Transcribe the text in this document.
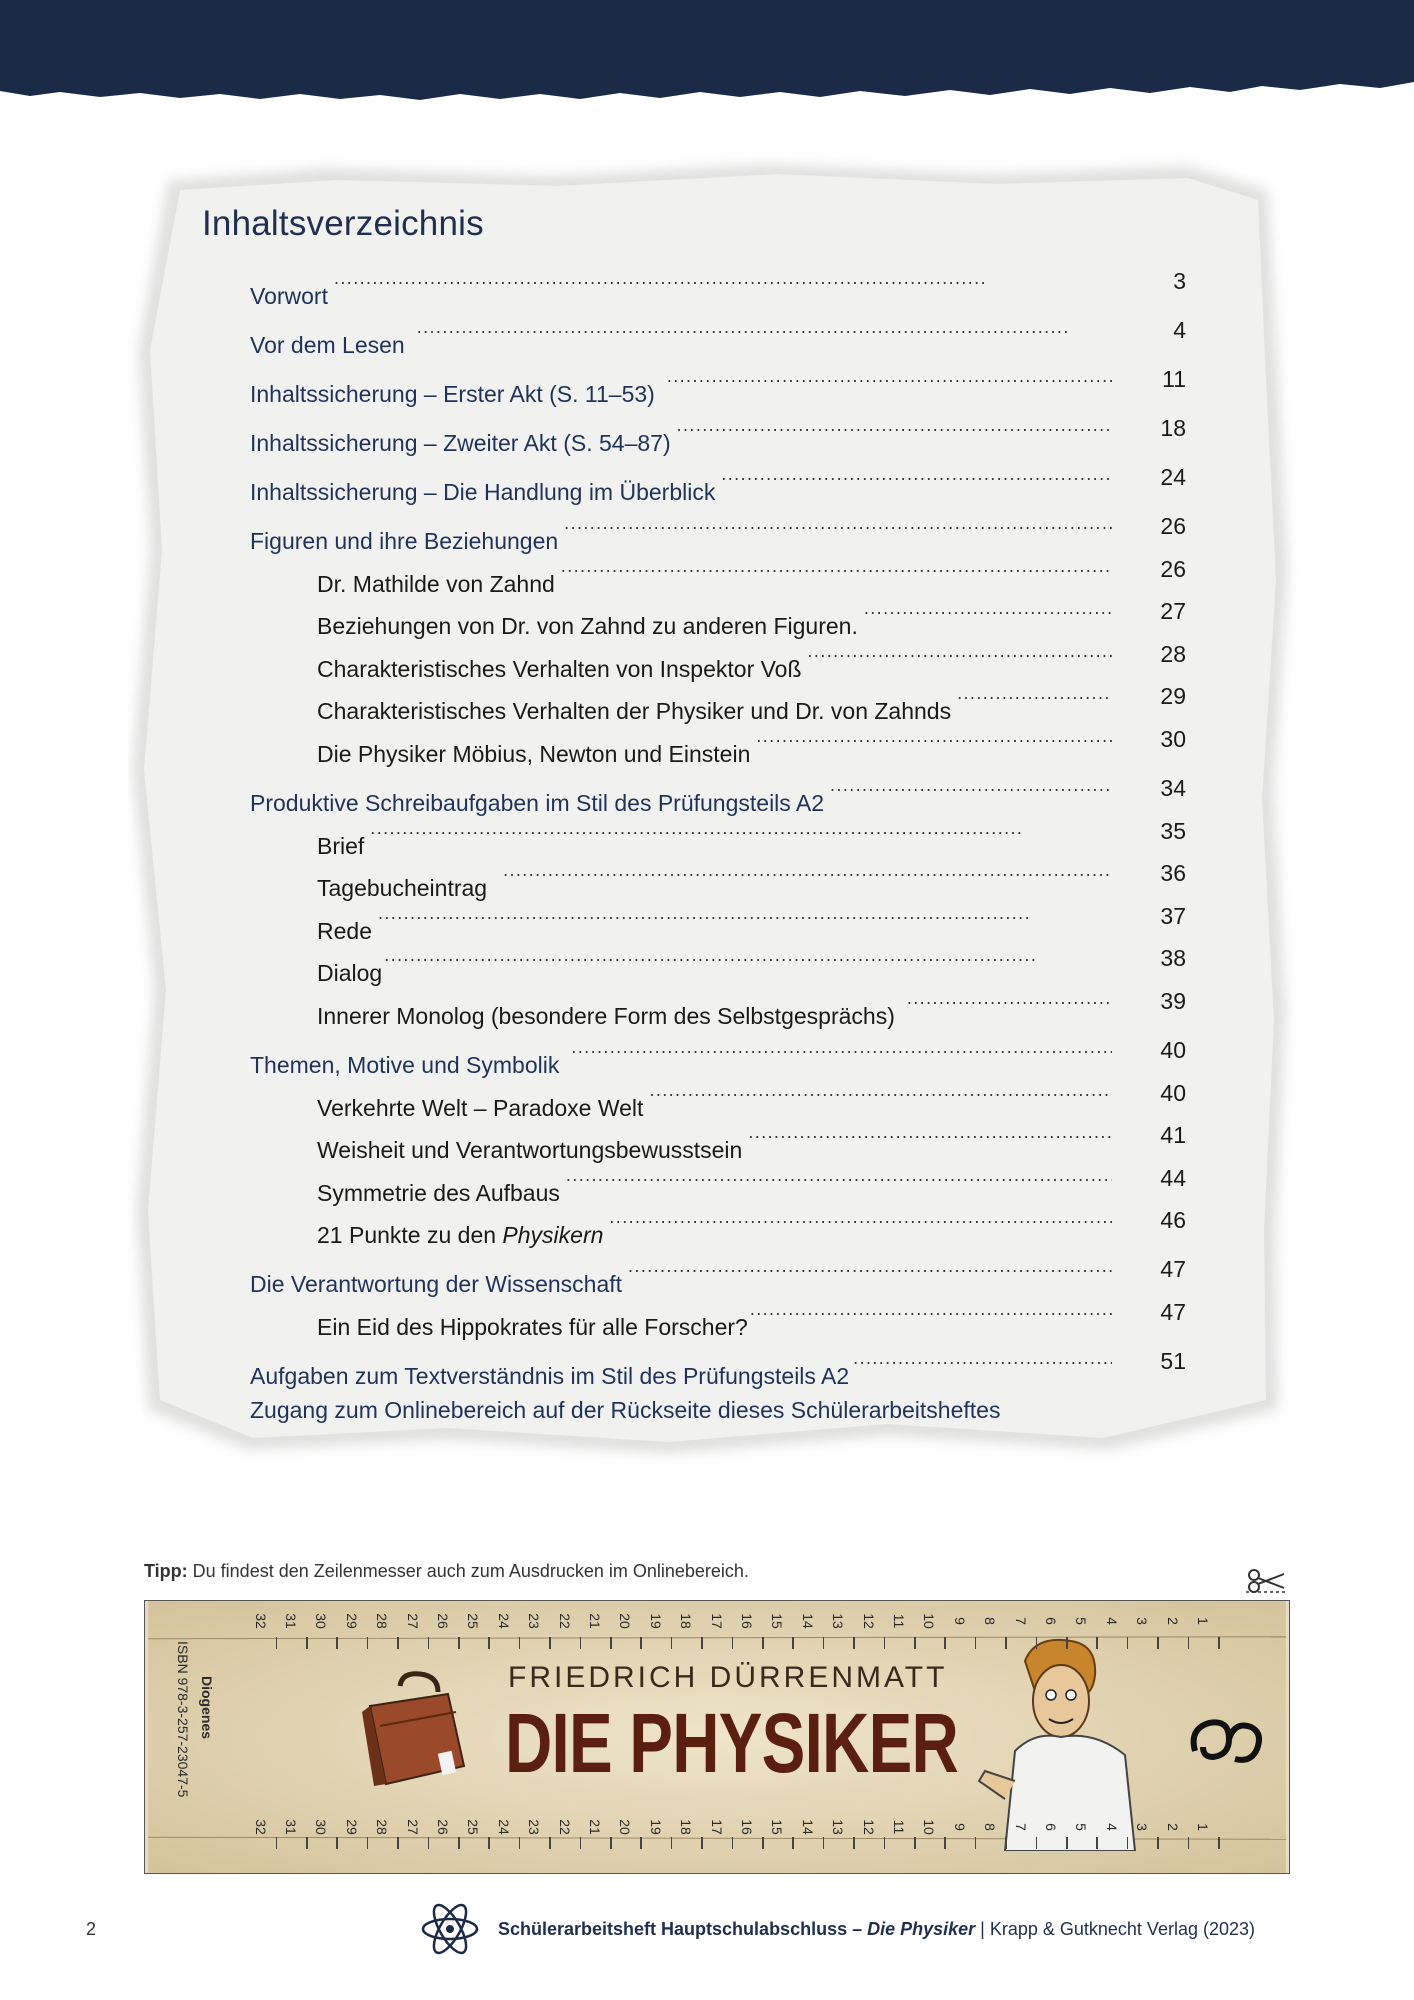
Inhaltsverzeichnis
Vorwort
. . .
3
Vor dem Lesen
. . .
4
Inhaltssicherung – Erster Akt (S. 11–53)
. . .
11
Inhaltssicherung – Zweiter Akt (S. 54–87)
. . .
18
Inhaltssicherung – Die Handlung im Überblick
. . .
24
Figuren und ihre Beziehungen
. . .
26
Dr. Mathilde von Zahnd
. . .
26
Beziehungen von Dr. von Zahnd zu anderen Figuren.
. . .
27
Charakteristisches Verhalten von Inspektor Voß
. . .
28
Charakteristisches Verhalten der Physiker und Dr. von Zahnds
. . .
29
Die Physiker Möbius, Newton und Einstein
. . .
30
Produktive Schreibaufgaben im Stil des Prüfungsteils A2
. . .
34
Brief
. . .
35
Tagebucheintrag
. . .
36
Rede
. . .
37
Dialog
. . .
38
Innerer Monolog (besondere Form des Selbstgesprächs)
. . .
39
Themen, Motive und Symbolik
. . .
40
Verkehrte Welt – Paradoxe Welt
. . .
40
Weisheit und Verantwortungsbewusstsein
. . .
41
Symmetrie des Aufbaus
. . .
44
21 Punkte zu den Physikern
. . .
46
Die Verantwortung der Wissenschaft
. . .
47
Ein Eid des Hippokrates für alle Forscher?
. . .
47
Aufgaben zum Textverständnis im Stil des Prüfungsteils A2
. . .
51
Zugang zum Onlinebereich auf der Rückseite dieses Schülerarbeitsheftes
Tipp: Du findest den Zeilenmesser auch zum Ausdrucken im Onlinebereich.
ISBN 978-3-257-23047-5 Diogenes	FRIEDRICH DÜRRENMATT
DIE PHYSIKER
1
1
2
2
3
3
4
4
5
5
6
6
7
7
8
8
9
9
10
10
11
11
12
12
13
13
14
14
15
15
16
16
17
17
18
18
19
19
20
20
21
21
22
22
23
23
24
24
25
25
26
26
27
27
28
28
29
29
30
30
31
31
32
32
2	Schülerarbeitsheft Hauptschulabschluss – Die Physiker | Krapp & Gutknecht Verlag (2023)
